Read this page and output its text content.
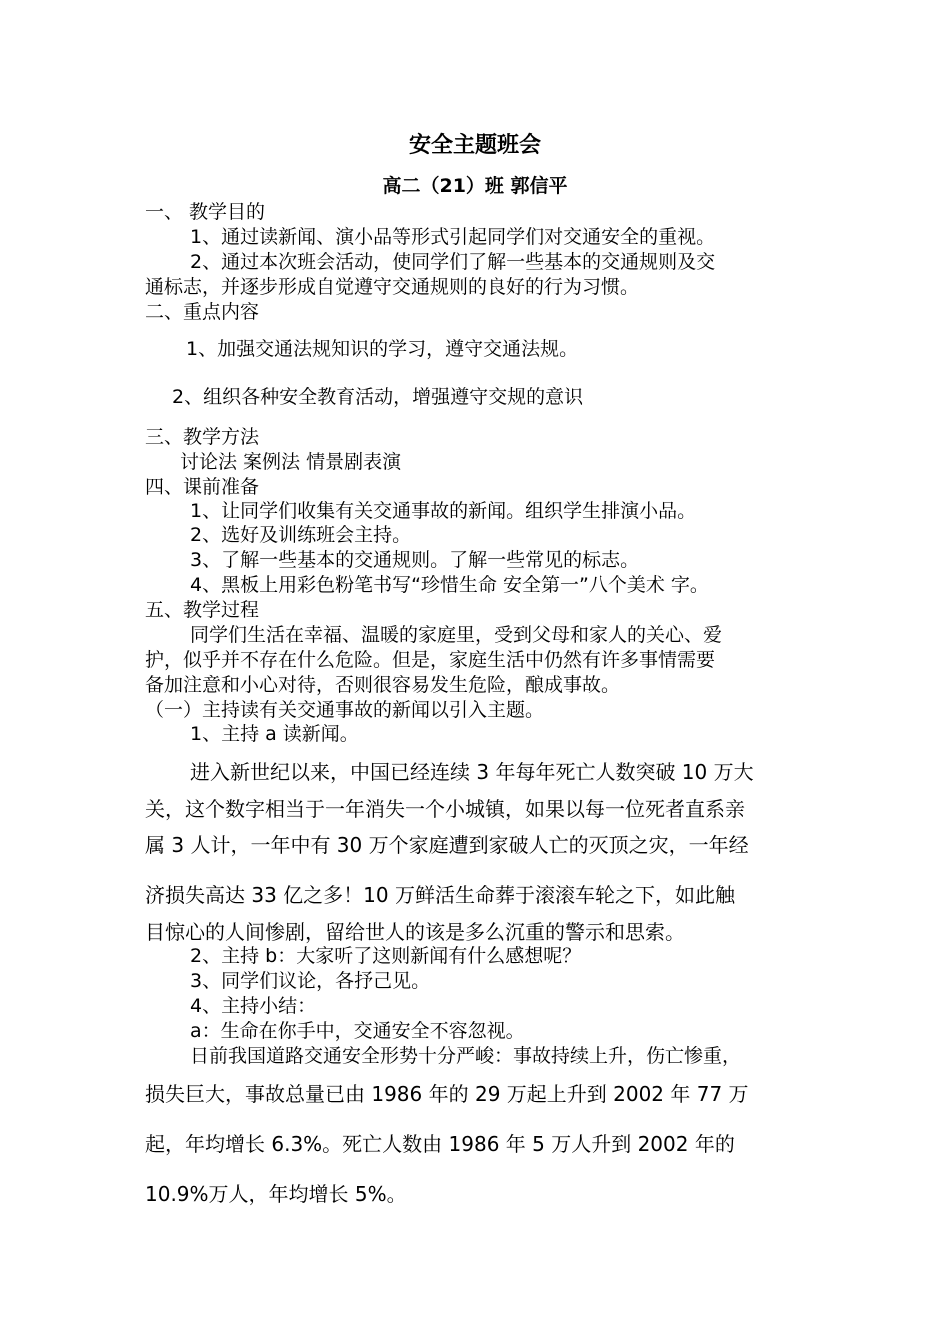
安全主题班会
高二（21）班 郭信平
一、 教学目的
1、通过读新闻、演小品等形式引起同学们对交通安全的重视。
2、通过本次班会活动，使同学们了解一些基本的交通规则及交
通标志，并逐步形成自觉遵守交通规则的良好的行为习惯。
二、重点内容
1、加强交通法规知识的学习，遵守交通法规。
2、组织各种安全教育活动，增强遵守交规的意识
三、教学方法
讨论法 案例法 情景剧表演
四、课前准备
1、让同学们收集有关交通事故的新闻。组织学生排演小品。
2、选好及训练班会主持。
3、了解一些基本的交通规则。了解一些常见的标志。
4、黑板上用彩色粉笔书写“珍惜生命 安全第一”八个美术 字。
五、教学过程
同学们生活在幸福、温暖的家庭里，受到父母和家人的关心、爱
护，似乎并不存在什么危险。但是，家庭生活中仍然有许多事情需要
备加注意和小心对待，否则很容易发生危险，酿成事故。
（一）主持读有关交通事故的新闻以引入主题。
1、主持 a 读新闻。
进入新世纪以来，中国已经连续 3 年每年死亡人数突破 10 万大
关，这个数字相当于一年消失一个小城镇，如果以每一位死者直系亲
属 3 人计，一年中有 30 万个家庭遭到家破人亡的灭顶之灾，一年经
济损失高达 33 亿之多！10 万鲜活生命葬于滚滚车轮之下，如此触
目惊心的人间惨剧，留给世人的该是多么沉重的警示和思索。
2、主持 b：大家听了这则新闻有什么感想呢？
3、同学们议论，各抒己见。
4、主持小结：
a：生命在你手中，交通安全不容忽视。
日前我国道路交通安全形势十分严峻：事故持续上升，伤亡惨重，
损失巨大，事故总量已由 1986 年的 29 万起上升到 2002 年 77 万
起，年均增长 6.3%。死亡人数由 1986 年 5 万人升到 2002 年的
10.9%万人，年均增长 5%。
